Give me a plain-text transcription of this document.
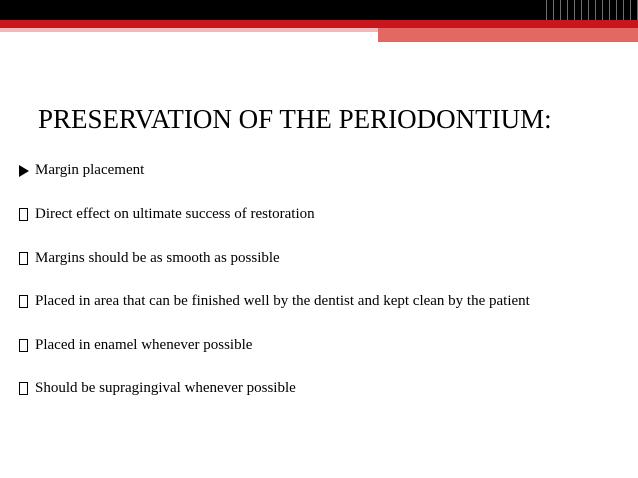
PRESERVATION OF THE PERIODONTIUM:
Margin placement
Direct effect on ultimate success of restoration
Margins should be as smooth as possible
Placed in area that can be finished well by the dentist and kept clean by the patient
Placed in enamel whenever possible
Should be supragingival whenever possible
